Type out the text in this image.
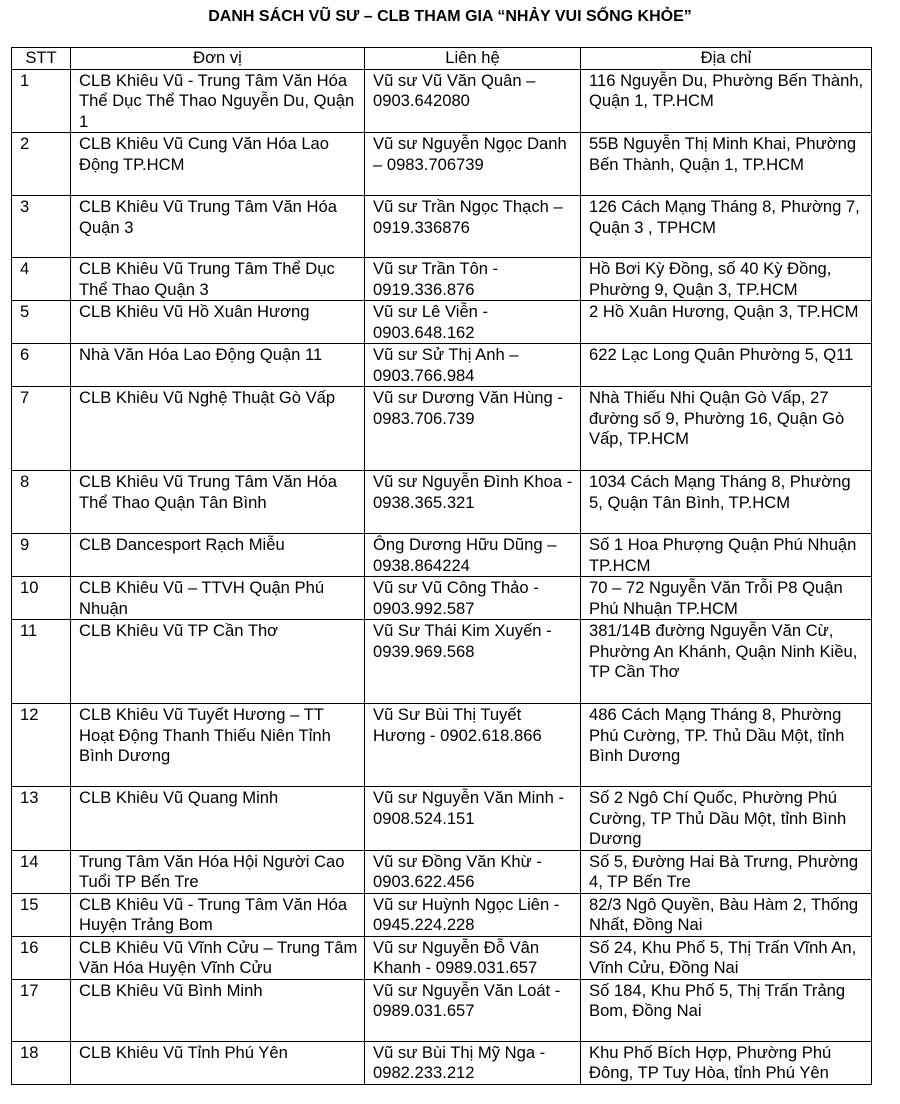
DANH SÁCH VŨ SƯ – CLB THAM GIA “NHẢY VUI SỐNG KHỎE”
STT	Đơn vị	Liên hệ	Địa chỉ
1	CLB Khiêu Vũ - Trung Tâm Văn Hóa Thể Dục Thể Thao Nguyễn Du, Quận 1	Vũ sư Vũ Văn Quân – 0903.642080	116 Nguyễn Du, Phường Bến Thành, Quận 1, TP.HCM
2	CLB Khiêu Vũ Cung Văn Hóa Lao Động TP.HCM	Vũ sư Nguyễn Ngọc Danh – 0983.706739	55B Nguyễn Thị Minh Khai, Phường Bến Thành, Quận 1, TP.HCM
3	CLB Khiêu Vũ Trung Tâm Văn Hóa Quận 3	Vũ sư Trần Ngọc Thạch – 0919.336876	126 Cách Mạng Tháng 8, Phường 7, Quận 3 , TPHCM
4	CLB Khiêu Vũ Trung Tâm Thể Dục Thể Thao Quận 3	Vũ sư Trần Tôn - 0919.336.876	Hồ Bơi Kỳ Đồng, số 40 Kỳ Đồng, Phường 9, Quận 3, TP.HCM
5	CLB Khiêu Vũ Hồ Xuân Hương	Vũ sư Lê Viễn - 0903.648.162	2 Hồ Xuân Hương, Quận 3, TP.HCM
6	Nhà Văn Hóa Lao Động Quận 11	Vũ sư Sử Thị Anh – 0903.766.984	622 Lạc Long Quân Phường 5, Q11
7	CLB Khiêu Vũ Nghệ Thuật Gò Vấp	Vũ sư Dương Văn Hùng - 0983.706.739	Nhà Thiếu Nhi Quận Gò Vấp, 27 đường số 9, Phường 16, Quận Gò Vấp, TP.HCM
8	CLB Khiêu Vũ Trung Tâm Văn Hóa Thể Thao Quận Tân Bình	Vũ sư Nguyễn Đình Khoa - 0938.365.321	1034 Cách Mạng Tháng 8, Phường 5, Quận Tân Bình, TP.HCM
9	CLB Dancesport Rạch Miễu	Ông Dương Hữu Dũng – 0938.864224	Số 1 Hoa Phượng Quận Phú Nhuận TP.HCM
10	CLB Khiêu Vũ – TTVH Quận Phú Nhuận	Vũ sư Vũ Công Thảo - 0903.992.587	70 – 72 Nguyễn Văn Trỗi P8 Quận Phú Nhuận TP.HCM
11	CLB Khiêu Vũ TP Cần Thơ	Vũ Sư Thái Kim Xuyến - 0939.969.568	381/14B đường Nguyễn Văn Cừ, Phường An Khánh, Quận Ninh Kiều, TP Cần Thơ
12	CLB Khiêu Vũ Tuyết Hương – TT Hoạt Động Thanh Thiếu Niên Tỉnh Bình Dương	Vũ Sư Bùi Thị Tuyết Hương - 0902.618.866	486 Cách Mạng Tháng 8, Phường Phú Cường, TP. Thủ Dầu Một, tỉnh Bình Dương
13	CLB Khiêu Vũ Quang Minh	Vũ sư Nguyễn Văn Minh - 0908.524.151	Số 2 Ngô Chí Quốc, Phường Phú Cường, TP Thủ Dầu Một, tỉnh Bình Dương
14	Trung Tâm Văn Hóa Hội Người Cao Tuổi TP Bến Tre	Vũ sư Đồng Văn Khừ - 0903.622.456	Số 5, Đường Hai Bà Trưng, Phường 4, TP Bến Tre
15	CLB Khiêu Vũ - Trung Tâm Văn Hóa Huyện Trảng Bom	Vũ sư Huỳnh Ngọc Liên - 0945.224.228	82/3 Ngô Quyền, Bàu Hàm 2, Thống Nhất, Đồng Nai
16	CLB Khiêu Vũ Vĩnh Cửu – Trung Tâm Văn Hóa Huyện Vĩnh Cửu	Vũ sư Nguyễn Đỗ Vân Khanh - 0989.031.657	Số 24, Khu Phố 5, Thị Trấn Vĩnh An, Vĩnh Cửu, Đồng Nai
17	CLB Khiêu Vũ Bình Minh	Vũ sư Nguyễn Văn Loát - 0989.031.657	Số 184, Khu Phố 5, Thị Trấn Trảng Bom, Đồng Nai
18	CLB Khiêu Vũ Tỉnh Phú Yên	Vũ sư Bùi Thị Mỹ Nga - 0982.233.212	Khu Phố Bích Hợp, Phường Phú Đông, TP Tuy Hòa, tỉnh Phú Yên
